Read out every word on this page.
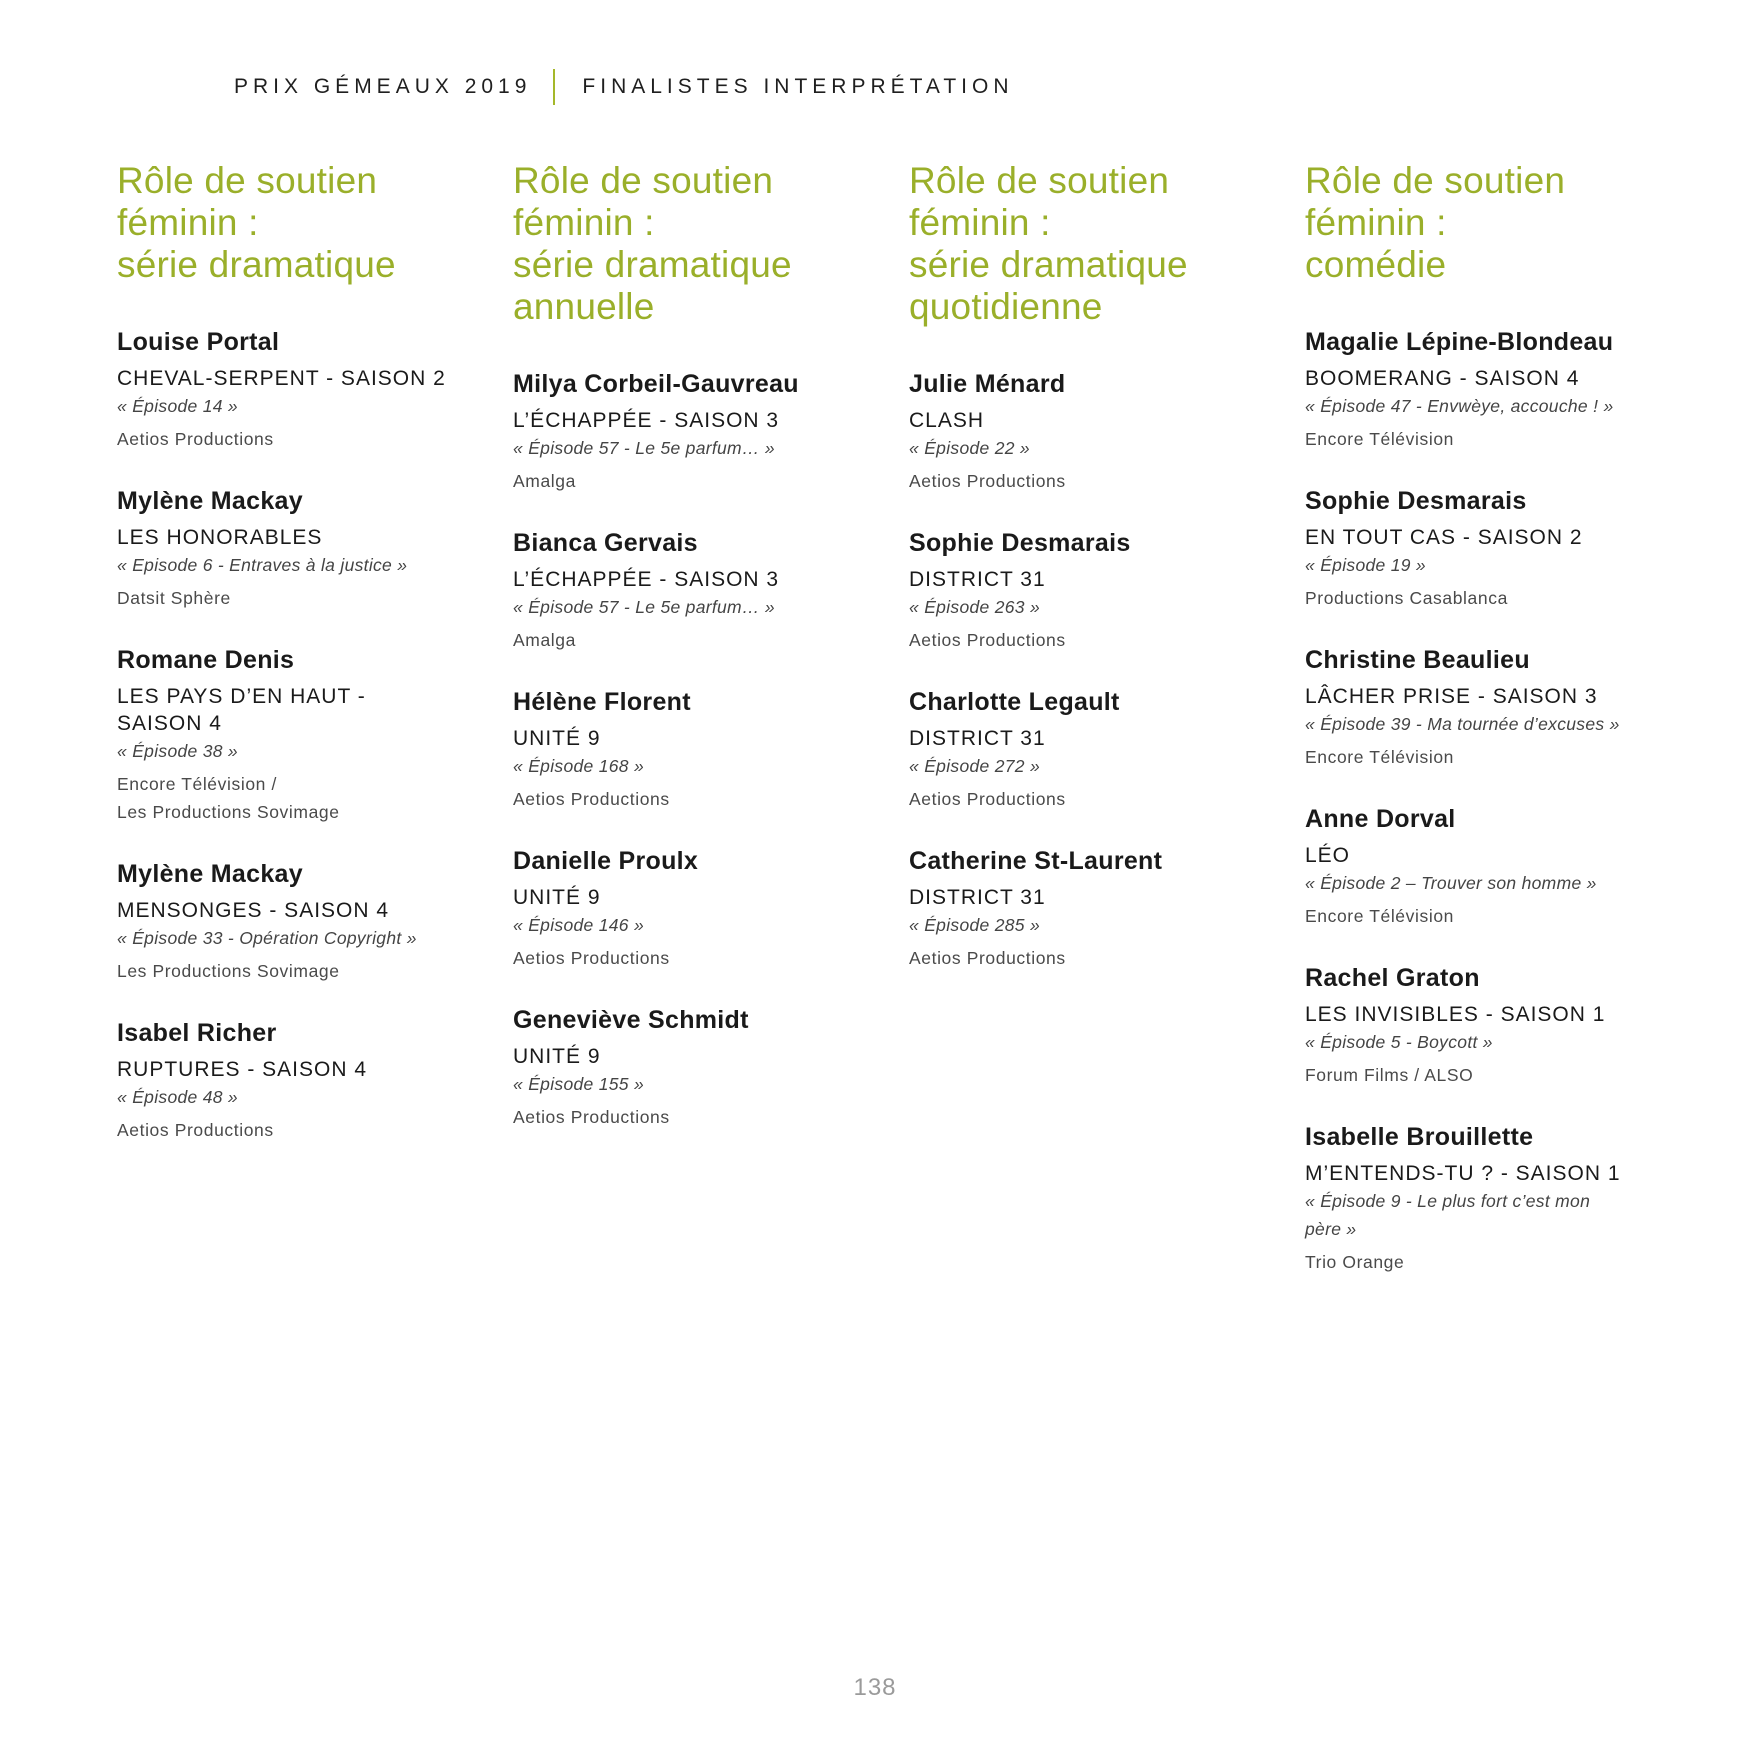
PRIX GÉMEAUX 2019 FINALISTES INTERPRÉTATION
Rôle de soutien
féminin :
série dramatique
Louise Portal
CHEVAL-SERPENT - SAISON 2
« Épisode 14 »
Aetios Productions
Mylène Mackay
LES HONORABLES
« Episode 6 - Entraves à la justice »
Datsit Sphère
Romane Denis
LES PAYS D’EN HAUT -
SAISON 4
« Épisode 38 »
Encore Télévision /
Les Productions Sovimage
Mylène Mackay
MENSONGES - SAISON 4
« Épisode 33 - Opération Copyright »
Les Productions Sovimage
Isabel Richer
RUPTURES - SAISON 4
« Épisode 48 »
Aetios Productions
Rôle de soutien
féminin :
série dramatique
annuelle
Milya Corbeil-Gauvreau
L’ÉCHAPPÉE - SAISON 3
« Épisode 57 - Le 5e parfum… »
Amalga
Bianca Gervais
L’ÉCHAPPÉE - SAISON 3
« Épisode 57 - Le 5e parfum… »
Amalga
Hélène Florent
UNITÉ 9
« Épisode 168 »
Aetios Productions
Danielle Proulx
UNITÉ 9
« Épisode 146 »
Aetios Productions
Geneviève Schmidt
UNITÉ 9
« Épisode 155 »
Aetios Productions
Rôle de soutien
féminin :
série dramatique
quotidienne
Julie Ménard
CLASH
« Épisode 22 »
Aetios Productions
Sophie Desmarais
DISTRICT 31
« Épisode 263 »
Aetios Productions
Charlotte Legault
DISTRICT 31
« Épisode 272 »
Aetios Productions
Catherine St-Laurent
DISTRICT 31
« Épisode 285 »
Aetios Productions
Rôle de soutien
féminin :
comédie
Magalie Lépine-Blondeau
BOOMERANG - SAISON 4
« Épisode 47 - Envwèye, accouche ! »
Encore Télévision
Sophie Desmarais
EN TOUT CAS - SAISON 2
« Épisode 19 »
Productions Casablanca
Christine Beaulieu
LÂCHER PRISE - SAISON 3
« Épisode 39 - Ma tournée d’excuses »
Encore Télévision
Anne Dorval
LÉO
« Épisode 2 – Trouver son homme »
Encore Télévision
Rachel Graton
LES INVISIBLES - SAISON 1
« Épisode 5 - Boycott »
Forum Films / ALSO
Isabelle Brouillette
M’ENTENDS-TU ? - SAISON 1
« Épisode 9 - Le plus fort c’est mon
père »
Trio Orange
138
